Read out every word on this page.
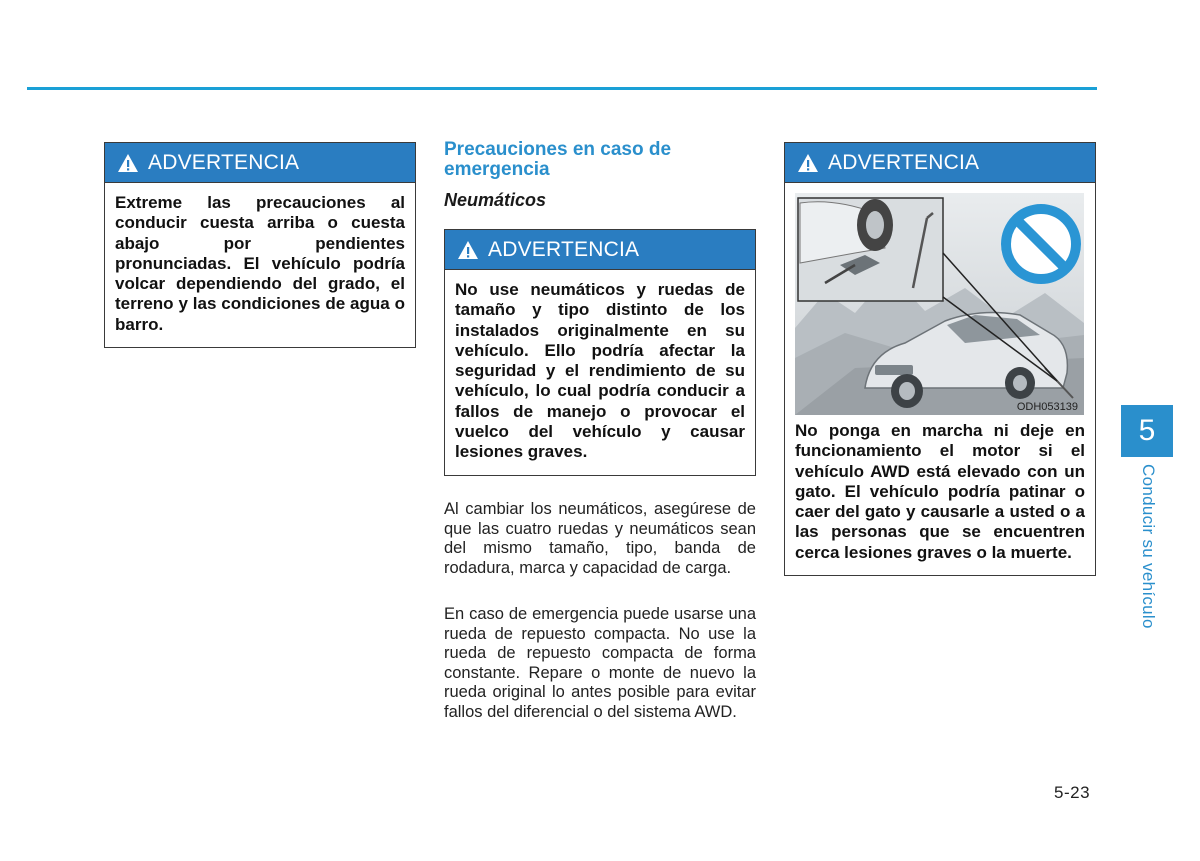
ADVERTENCIA
Extreme las precauciones al conducir cuesta arriba o cuesta abajo por pendientes pronunciadas. El vehículo podría volcar dependiendo del grado, el terreno y las condiciones de agua o barro.
Precauciones en caso de emergencia
Neumáticos
ADVERTENCIA
No use neumáticos y ruedas de tamaño y tipo distinto de los instalados originalmente en su vehículo. Ello podría afectar la seguridad y el rendimiento de su vehículo, lo cual podría conducir a fallos de manejo o provocar el vuelco del vehículo y causar lesiones graves.

Al cambiar los neumáticos, asegúrese de que las cuatro ruedas y neumáticos sean del mismo tamaño, tipo, banda de rodadura, marca y capacidad de carga.

En caso de emergencia puede usarse una rueda de repuesto compacta. No use la rueda de repuesto compacta de forma constante. Repare o monte de nuevo la rueda original lo antes posible para evitar fallos del diferencial o del sistema AWD.

ADVERTENCIA
ODH053139
No ponga en marcha ni deje en funcionamiento el motor si el vehículo AWD está elevado con un gato. El vehículo podría patinar o caer del gato y causarle a usted o a las personas que se encuentren cerca lesiones graves o la muerte.
5
Conducir su vehículo
5-23
